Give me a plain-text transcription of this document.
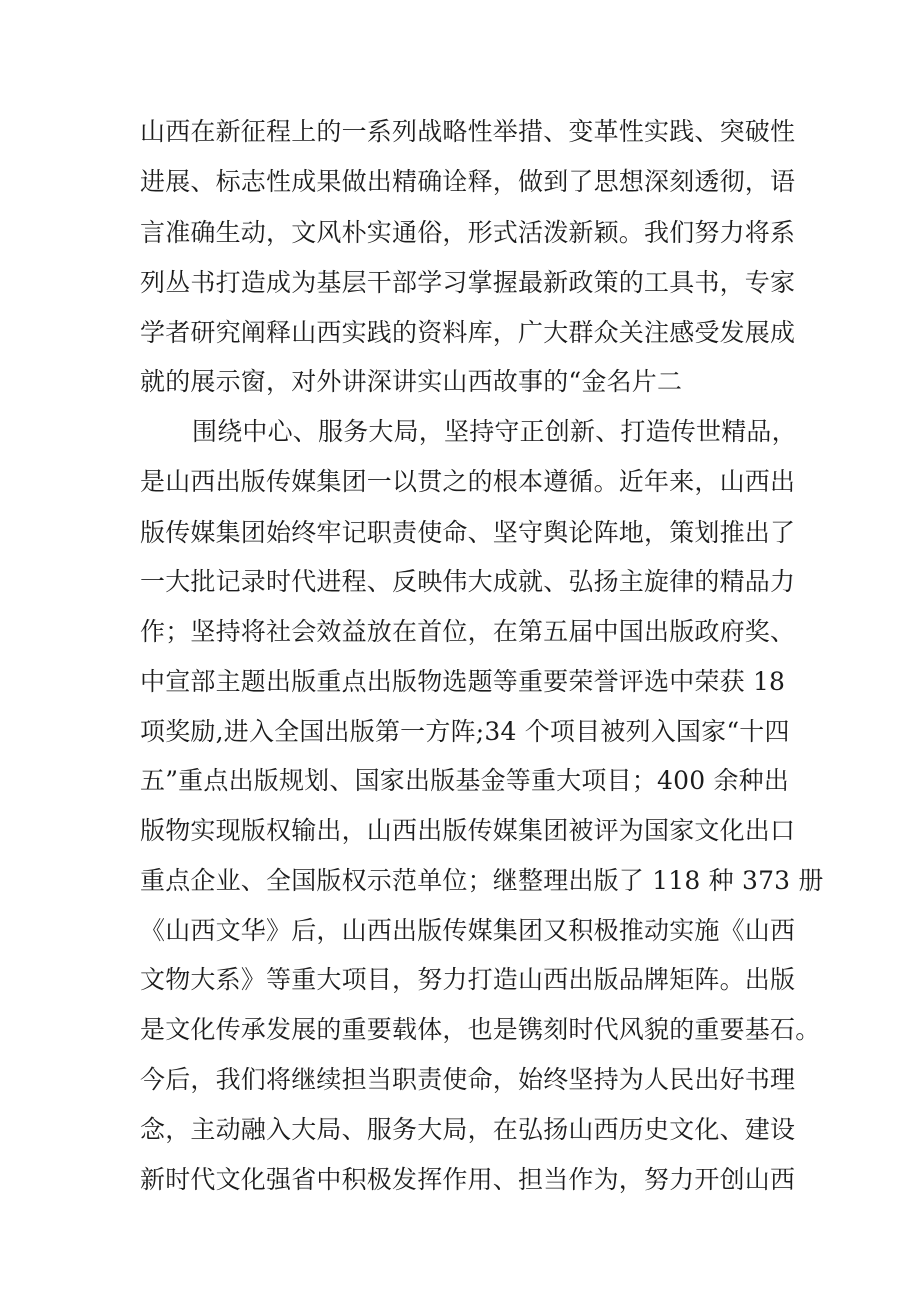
山西在新征程上的一系列战略性举措、变革性实践、突破性
进展、标志性成果做出精确诠释，做到了思想深刻透彻，语
言准确生动，文风朴实通俗，形式活泼新颖。我们努力将系
列丛书打造成为基层干部学习掌握最新政策的工具书，专家
学者研究阐释山西实践的资料库，广大群众关注感受发展成
就的展示窗，对外讲深讲实山西故事的“金名片二
围绕中心、服务大局，坚持守正创新、打造传世精品，
是山西出版传媒集团一以贯之的根本遵循。近年来，山西出
版传媒集团始终牢记职责使命、坚守舆论阵地，策划推出了
一大批记录时代进程、反映伟大成就、弘扬主旋律的精品力
作；坚持将社会效益放在首位，在第五届中国出版政府奖、
中宣部主题出版重点出版物选题等重要荣誉评选中荣获 18
项奖励,进入全国出版第一方阵;34 个项目被列入国家“十四
五”重点出版规划、国家出版基金等重大项目；400 余种出
版物实现版权输出，山西出版传媒集团被评为国家文化出口
重点企业、全国版权示范单位；继整理出版了 118 种 373 册
《山西文华》后，山西出版传媒集团又积极推动实施《山西
文物大系》等重大项目，努力打造山西出版品牌矩阵。出版
是文化传承发展的重要载体，也是镌刻时代风貌的重要基石。
今后，我们将继续担当职责使命，始终坚持为人民出好书理
念，主动融入大局、服务大局，在弘扬山西历史文化、建设
新时代文化强省中积极发挥作用、担当作为，努力开创山西
